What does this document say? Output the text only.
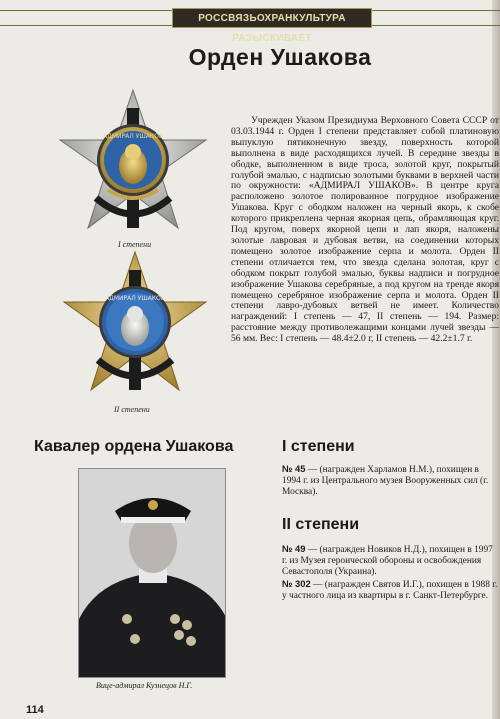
РОССВЯЗЬОХРАНКУЛЬТУРА РАЗЫСКИВАЕТ
Орден Ушакова
АДМИРАЛ УШАКОВ
I степени
АДМИРАЛ УШАКОВ
II степени
Учрежден Указом Президиума Верховного Совета СССР от 03.03.1944 г. Орден I степени представляет собой платиновую выпуклую пятиконечную звезду, поверхность которой выполнена в виде расходящихся лучей. В середине звезды в ободке, выполненном в виде троса, золотой круг, покрытый голубой эмалью, с надписью золотыми буквами в верхней части по окружности: «АДМИРАЛ УШАКОВ». В центре круга расположено золотое полированное погрудное изображение Ушакова. Круг с ободком наложен на черный якорь, к скобе которого прикреплена черная якорная цепь, обрамляющая круг. Под кругом, поверх якорной цепи и лап якоря, наложены золотые лавровая и дубовая ветви, на соединении которых помещено золотое изображение серпа и молота. Орден II степени отличается тем, что звезда сделана золотая, круг с ободком покрыт голубой эмалью, буквы надписи и погрудное изображение Ушакова серебряные, а под кругом на тренде якоря помещено серебряное изображение серпа и молота. Орден II степени лавро-дубовых ветвей не имеет. Количество награждений: I степень — 47, II степень — 194. Размер: расстояние между противолежащими концами лучей звезды — 56 мм. Вес: I степень — 48.4±2.0 г, II степень — 42.2±1.7 г.
Кавалер ордена Ушакова
Вице-адмирал Кузнецов Н.Г.
I степени
№ 45 — (награжден Харламов Н.М.), похищен в 1994 г. из Центрального музея Вооруженных сил (г. Москва).
II степени
№ 49 — (награжден Новиков Н.Д.), похищен в 1997 г. из Музея героической обороны и освобождения Севастополя (Украина).
№ 302 — (награжден Святов И.Г.), похищен в 1988 г. у частного лица из квартиры в г. Санкт-Петербурге.
114
